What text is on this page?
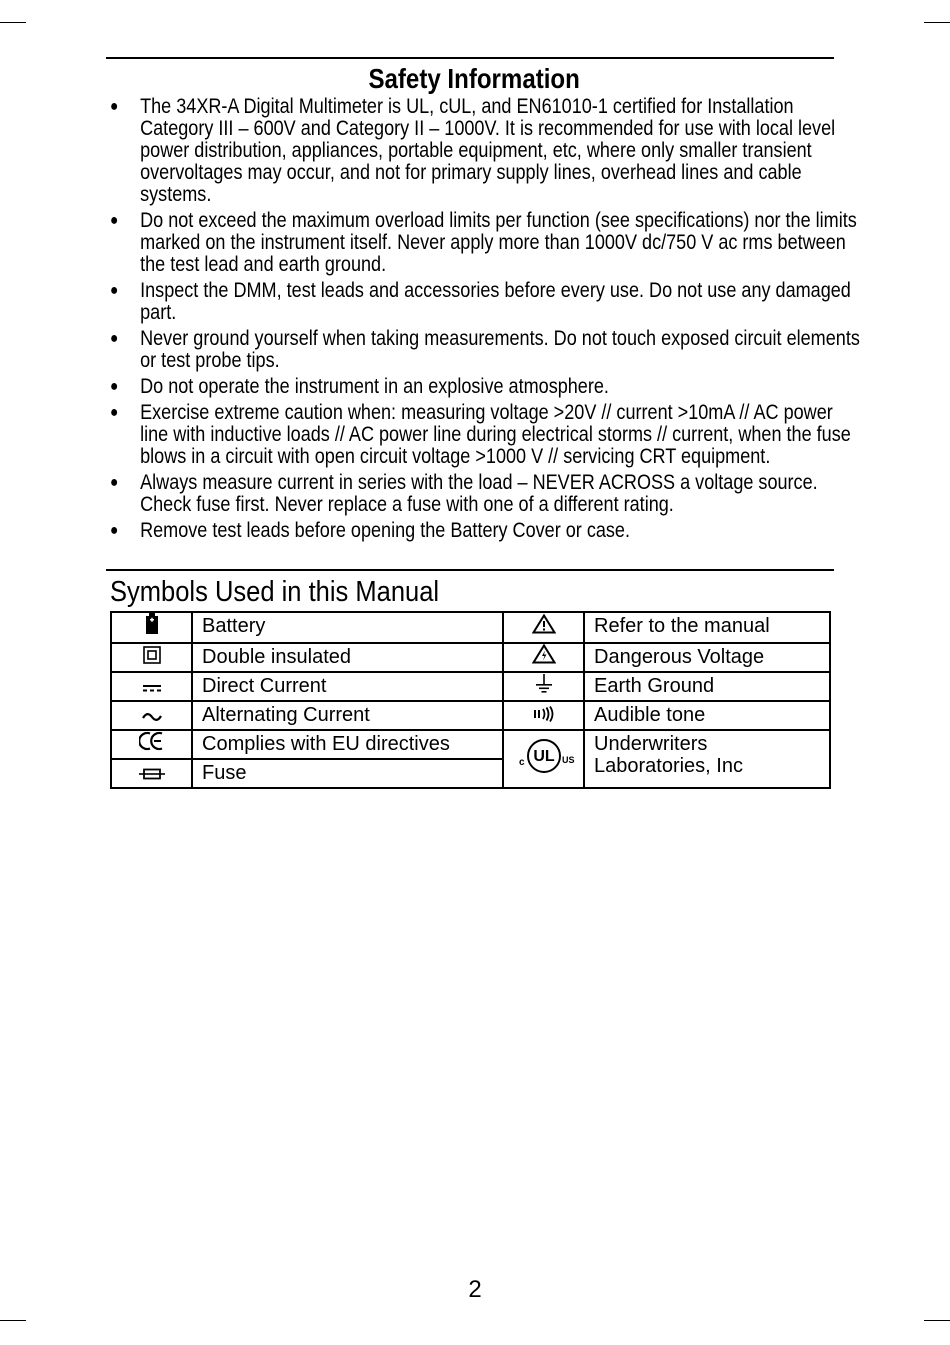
Safety Information
● The 34XR-A Digital Multimeter is UL, cUL, and EN61010-1 certified for Installation Category III – 600V and Category II – 1000V. It is recommended for use with local level power distribution, appliances, portable equipment, etc, where only smaller transient overvoltages may occur, and not for primary supply lines, overhead lines and cable systems.
● Do not exceed the maximum overload limits per function (see specifications) nor the limits marked on the instrument itself. Never apply more than 1000V dc/750 V ac rms between the test lead and earth ground.
● Inspect the DMM, test leads and accessories before every use. Do not use any damaged part.
● Never ground yourself when taking measurements. Do not touch exposed circuit elements or test probe tips.
● Do not operate the instrument in an explosive atmosphere.
● Exercise extreme caution when: measuring voltage >20V // current >10mA // AC power line with inductive loads // AC power line during electrical storms // current, when the fuse blows in a circuit with open circuit voltage >1000 V // servicing CRT equipment.
● Always measure current in series with the load – NEVER ACROSS a voltage source. Check fuse first. Never replace a fuse with one of a different rating.
● Remove test leads before opening the Battery Cover or case.
Symbols Used in this Manual
	Battery		Refer to the manual
	Double insulated		Dangerous Voltage
	Direct Current		Earth Ground
	Alternating Current		Audible tone
	Complies with EU directives	c UL US	Underwriters Laboratories, Inc
	Fuse		
2
